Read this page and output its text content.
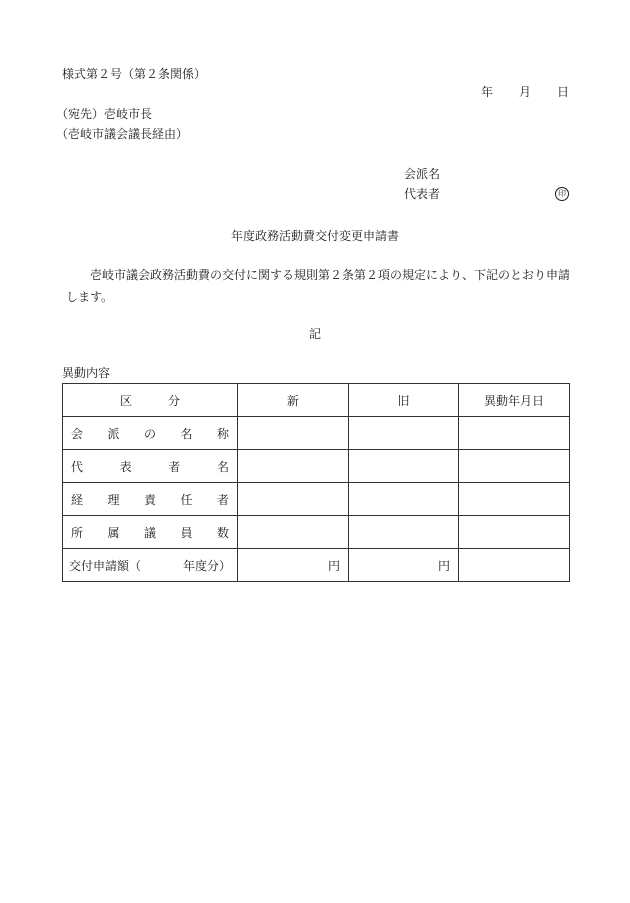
様式第２号（第２条関係）
年 月 日
（宛先）壱岐市長
（壱岐市議会議長経由）
会派名
代表者	印
年度政務活動費交付変更申請書
壱岐市議会政務活動費の交付に関する規則第２条第２項の規定により、下記のとおり申請します。
記
異動内容
区 分	新	旧	異動年月日

会 派 の 名 称			

代 表 者 名			

経 理 責 任 者			

所 属 議 員 数			

交付申請額（ 年度分）	円	円	
